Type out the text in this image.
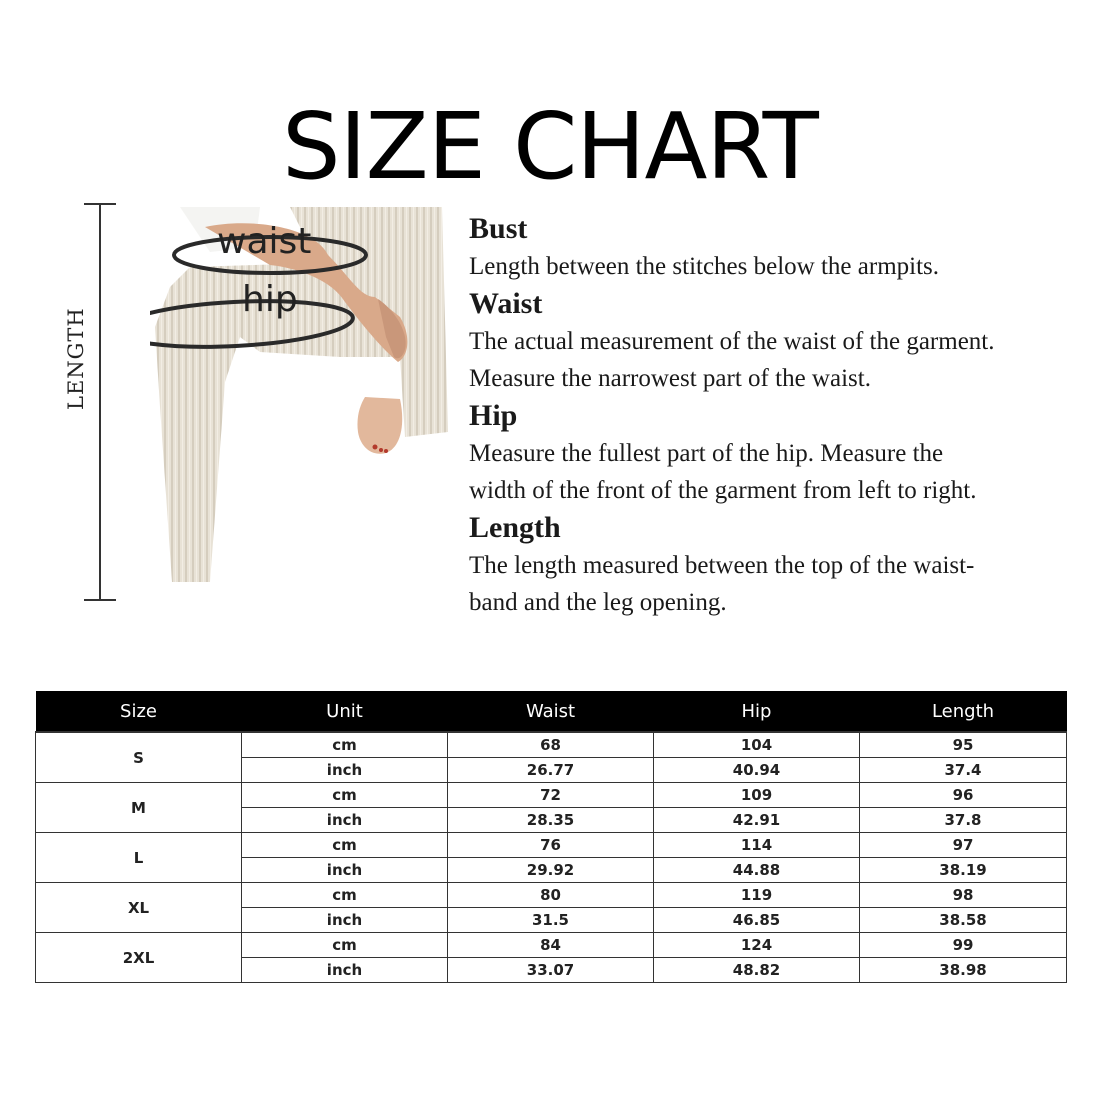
SIZE CHART
LENGTH
waist
hip
Bust
Length between the stitches below the armpits.
Waist
The actual measurement of the waist of the garment.
Measure the narrowest part of the waist.
Hip
Measure the fullest part of the hip. Measure the
width of the front of the garment from left to right.
Length
The length measured between the top of the waist-
band and the leg opening.
Size	Unit	Waist	Hip	Length
S	cm	68	104	95
	inch	26.77	40.94	37.4
M	cm	72	109	96
	inch	28.35	42.91	37.8
L	cm	76	114	97
	inch	29.92	44.88	38.19
XL	cm	80	119	98
	inch	31.5	46.85	38.58
2XL	cm	84	124	99
	inch	33.07	48.82	38.98
